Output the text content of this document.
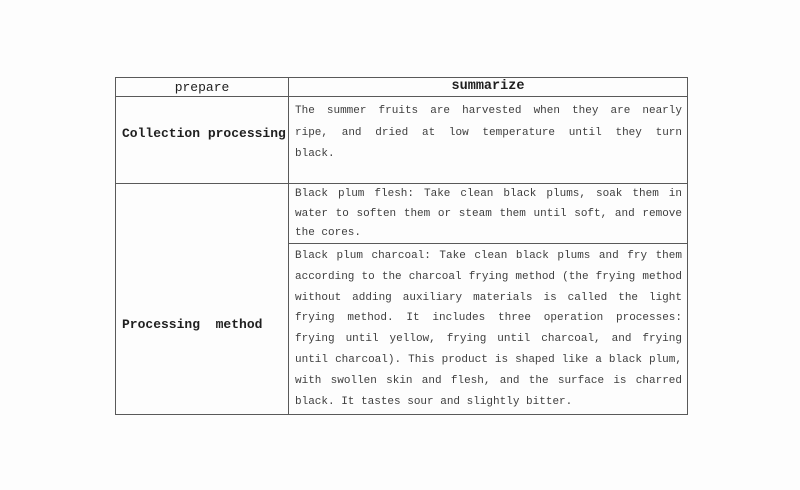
prepare	summarize
Collection processing
The summer fruits are harvested when they are nearly
ripe, and dried at low temperature until they turn
black.
Processing  method
Black plum flesh: Take clean black plums, soak them in
water to soften them or steam them until soft, and remove
the cores.
Black plum charcoal: Take clean black plums and fry them
according to the charcoal frying method (the frying method
without adding auxiliary materials is called the light
frying method. It includes three operation processes:
frying until yellow, frying until charcoal, and frying
until charcoal). This product is shaped like a black plum,
with swollen skin and flesh, and the surface is charred
black. It tastes sour and slightly bitter.
